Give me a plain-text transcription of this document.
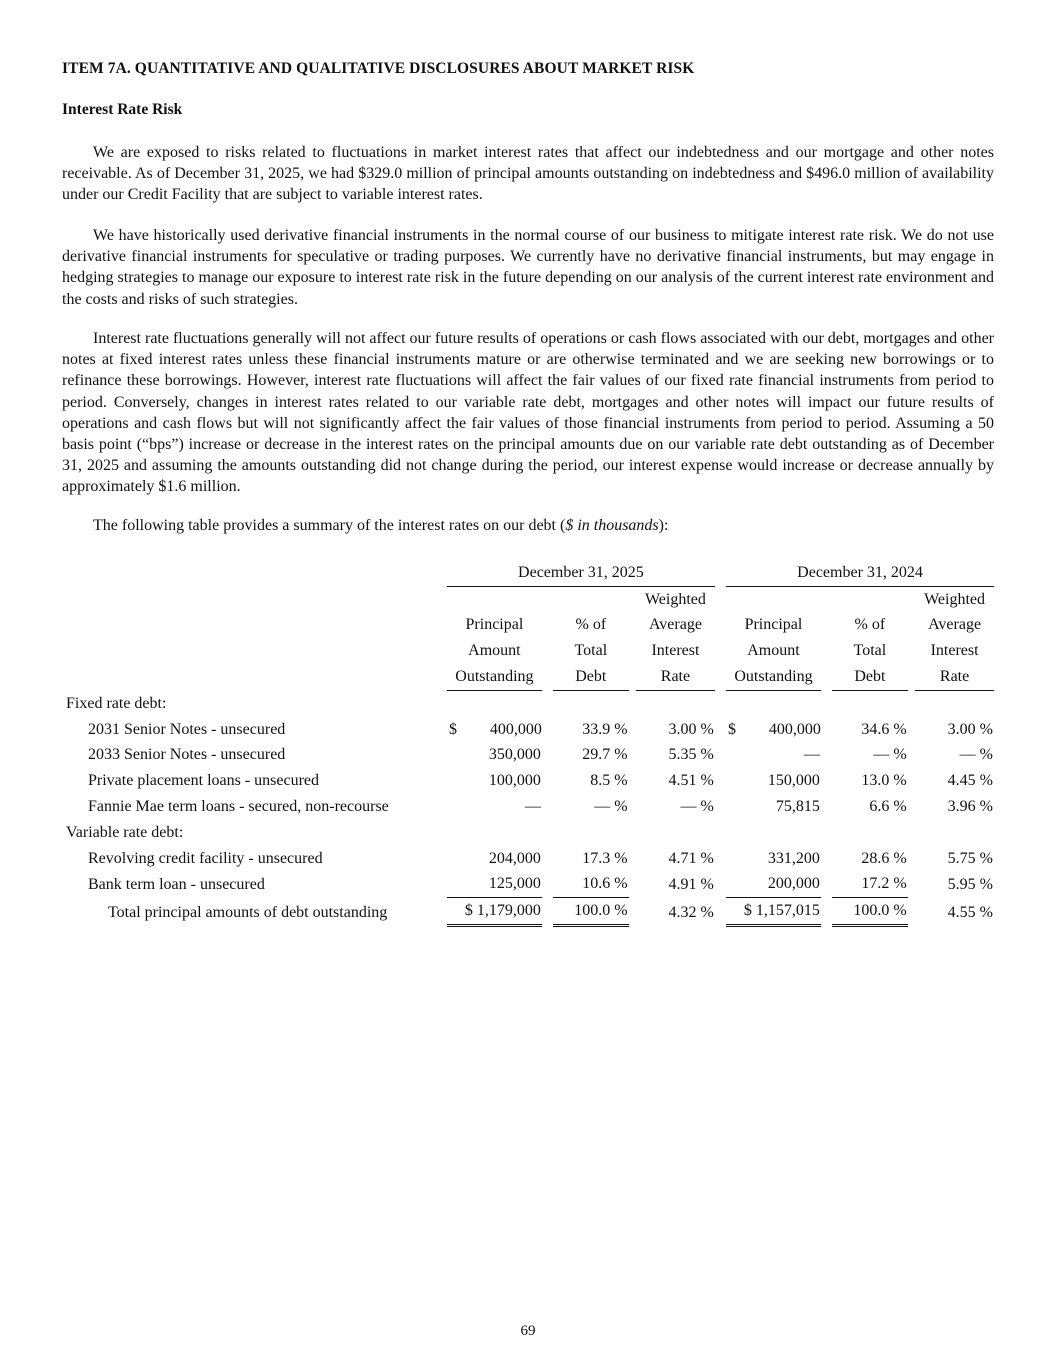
ITEM 7A. QUANTITATIVE AND QUALITATIVE DISCLOSURES ABOUT MARKET RISK
Interest Rate Risk

We are exposed to risks related to fluctuations in market interest rates that affect our indebtedness and our mortgage and other notes receivable. As of December 31, 2025, we had $329.0 million of principal amounts outstanding on indebtedness and $496.0 million of availability under our Credit Facility that are subject to variable interest rates.

We have historically used derivative financial instruments in the normal course of our business to mitigate interest rate risk. We do not use derivative financial instruments for speculative or trading purposes. We currently have no derivative financial instruments, but may engage in hedging strategies to manage our exposure to interest rate risk in the future depending on our analysis of the current interest rate environment and the costs and risks of such strategies.

Interest rate fluctuations generally will not affect our future results of operations or cash flows associated with our debt, mortgages and other notes at fixed interest rates unless these financial instruments mature or are otherwise terminated and we are seeking new borrowings or to refinance these borrowings. However, interest rate fluctuations will affect the fair values of our fixed rate financial instruments from period to period. Conversely, changes in interest rates related to our variable rate debt, mortgages and other notes will impact our future results of operations and cash flows but will not significantly affect the fair values of those financial instruments from period to period. Assuming a 50 basis point (“bps”) increase or decrease in the interest rates on the principal amounts due on our variable rate debt outstanding as of December 31, 2025 and assuming the amounts outstanding did not change during the period, our interest expense would increase or decrease annually by approximately $1.6 million.

The following table provides a summary of the interest rates on our debt ($ in thousands):

		December 31, 2025						December 31, 2024				
						Weighted						Weighted
		Principal		% of		Average		Principal		% of		Average
		Amount		Total		Interest		Amount		Total		Interest
		Outstanding		Debt		Rate		Outstanding		Debt		Rate
Fixed rate debt:												
2031 Senior Notes - unsecured		$ 400,000		33.9 %		3.00 %		$ 400,000		34.6 %		3.00 %
2033 Senior Notes - unsecured		350,000		29.7 %		5.35 %		—		— %		— %
Private placement loans - unsecured		100,000		8.5 %		4.51 %		150,000		13.0 %		4.45 %
Fannie Mae term loans - secured, non-recourse		—		— %		— %		75,815		6.6 %		3.96 %
Variable rate debt:												
Revolving credit facility - unsecured		204,000		17.3 %		4.71 %		331,200		28.6 %		5.75 %
Bank term loan - unsecured		125,000		10.6 %		4.91 %		200,000		17.2 %		5.95 %
Total principal amounts of debt outstanding		$ 1,179,000		100.0 %		4.32 %		$ 1,157,015		100.0 %		4.55 %
69
